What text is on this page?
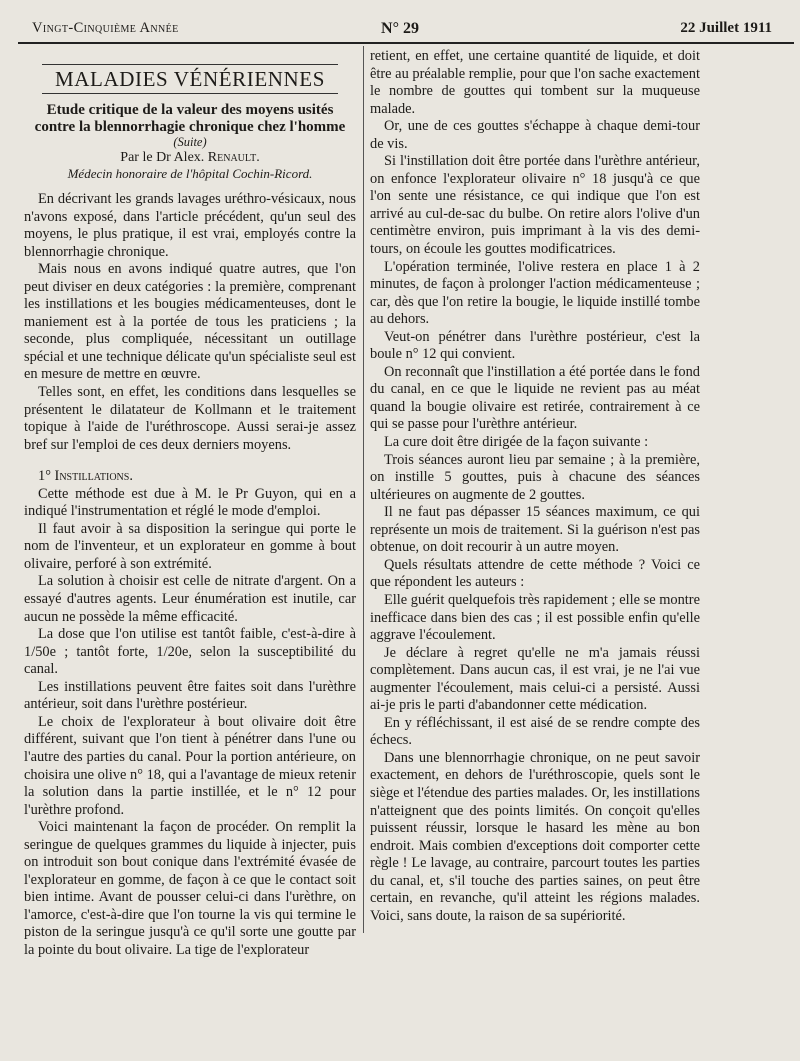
Vingt-Cinquième Année	N° 29	22 Juillet 1911
MALADIES VÉNÉRIENNES

Etude critique de la valeur des moyens usités

contre la blennorrhagie chronique chez l'homme

(Suite)

Par le Dr Alex. Renault.

Médecin honoraire de l'hôpital Cochin-Ricord.

En décrivant les grands lavages uréthro-vésicaux, nous n'avons exposé, dans l'article précédent, qu'un seul des moyens, le plus pratique, il est vrai, employés contre la blennorrhagie chronique.

Mais nous en avons indiqué quatre autres, que l'on peut diviser en deux catégories : la première, comprenant les instillations et les bougies médicamenteuses, dont le maniement est à la portée de tous les praticiens ; la seconde, plus compliquée, nécessitant un outillage spécial et une technique délicate qu'un spécialiste seul est en mesure de mettre en œuvre.

Telles sont, en effet, les conditions dans lesquelles se présentent le dilatateur de Kollmann et le traitement topique à l'aide de l'uréthroscope. Aussi serai-je assez bref sur l'emploi de ces deux derniers moyens.

1° Instillations.

Cette méthode est due à M. le Pr Guyon, qui en a indiqué l'instrumentation et réglé le mode d'emploi.

Il faut avoir à sa disposition la seringue qui porte le nom de l'inventeur, et un explorateur en gomme à bout olivaire, perforé à son extrémité.

La solution à choisir est celle de nitrate d'argent. On a essayé d'autres agents. Leur énumération est inutile, car aucun ne possède la même efficacité.

La dose que l'on utilise est tantôt faible, c'est-à-dire à 1/50e ; tantôt forte, 1/20e, selon la susceptibilité du canal.

Les instillations peuvent être faites soit dans l'urèthre antérieur, soit dans l'urèthre postérieur.

Le choix de l'explorateur à bout olivaire doit être différent, suivant que l'on tient à pénétrer dans l'une ou l'autre des parties du canal. Pour la portion antérieure, on choisira une olive n° 18, qui a l'avantage de mieux retenir la solution dans la partie instillée, et le n° 12 pour l'urèthre profond.

Voici maintenant la façon de procéder. On remplit la seringue de quelques grammes du liquide à injecter, puis on introduit son bout conique dans l'extrémité évasée de l'explorateur en gomme, de façon à ce que le contact soit bien intime. Avant de pousser celui-ci dans l'urèthre, on l'amorce, c'est-à-dire que l'on tourne la vis qui termine le piston de la seringue jusqu'à ce qu'il sorte une goutte par la pointe du bout olivaire. La tige de l'explorateur

retient, en effet, une certaine quantité de liquide, et doit être au préalable remplie, pour que l'on sache exactement le nombre de gouttes qui tombent sur la muqueuse malade.

Or, une de ces gouttes s'échappe à chaque demi-tour de vis.

Si l'instillation doit être portée dans l'urèthre antérieur, on enfonce l'explorateur olivaire n° 18 jusqu'à ce que l'on sente une résistance, ce qui indique que l'on est arrivé au cul-de-sac du bulbe. On retire alors l'olive d'un centimètre environ, puis imprimant à la vis des demi-tours, on écoule les gouttes modificatrices.

L'opération terminée, l'olive restera en place 1 à 2 minutes, de façon à prolonger l'action médicamenteuse ; car, dès que l'on retire la bougie, le liquide instillé tombe au dehors.

Veut-on pénétrer dans l'urèthre postérieur, c'est la boule n° 12 qui convient.

On reconnaît que l'instillation a été portée dans le fond du canal, en ce que le liquide ne revient pas au méat quand la bougie olivaire est retirée, contrairement à ce qui se passe pour l'urèthre antérieur.

La cure doit être dirigée de la façon suivante :

Trois séances auront lieu par semaine ; à la première, on instille 5 gouttes, puis à chacune des séances ultérieures on augmente de 2 gouttes.

Il ne faut pas dépasser 15 séances maximum, ce qui représente un mois de traitement. Si la guérison n'est pas obtenue, on doit recourir à un autre moyen.

Quels résultats attendre de cette méthode ? Voici ce que répondent les auteurs :

Elle guérit quelquefois très rapidement ; elle se montre inefficace dans bien des cas ; il est possible enfin qu'elle aggrave l'écoulement.

Je déclare à regret qu'elle ne m'a jamais réussi complètement. Dans aucun cas, il est vrai, je ne l'ai vue augmenter l'écoulement, mais celui-ci a persisté. Aussi ai-je pris le parti d'abandonner cette médication.

En y réfléchissant, il est aisé de se rendre compte des échecs.

Dans une blennorrhagie chronique, on ne peut savoir exactement, en dehors de l'uréthroscopie, quels sont le siège et l'étendue des parties malades. Or, les instillations n'atteignent que des points limités. On conçoit qu'elles puissent réussir, lorsque le hasard les mène au bon endroit. Mais combien d'exceptions doit comporter cette règle ! Le lavage, au contraire, parcourt toutes les parties du canal, et, s'il touche des parties saines, on peut être certain, en revanche, qu'il atteint les régions malades. Voici, sans doute, la raison de sa supériorité.
